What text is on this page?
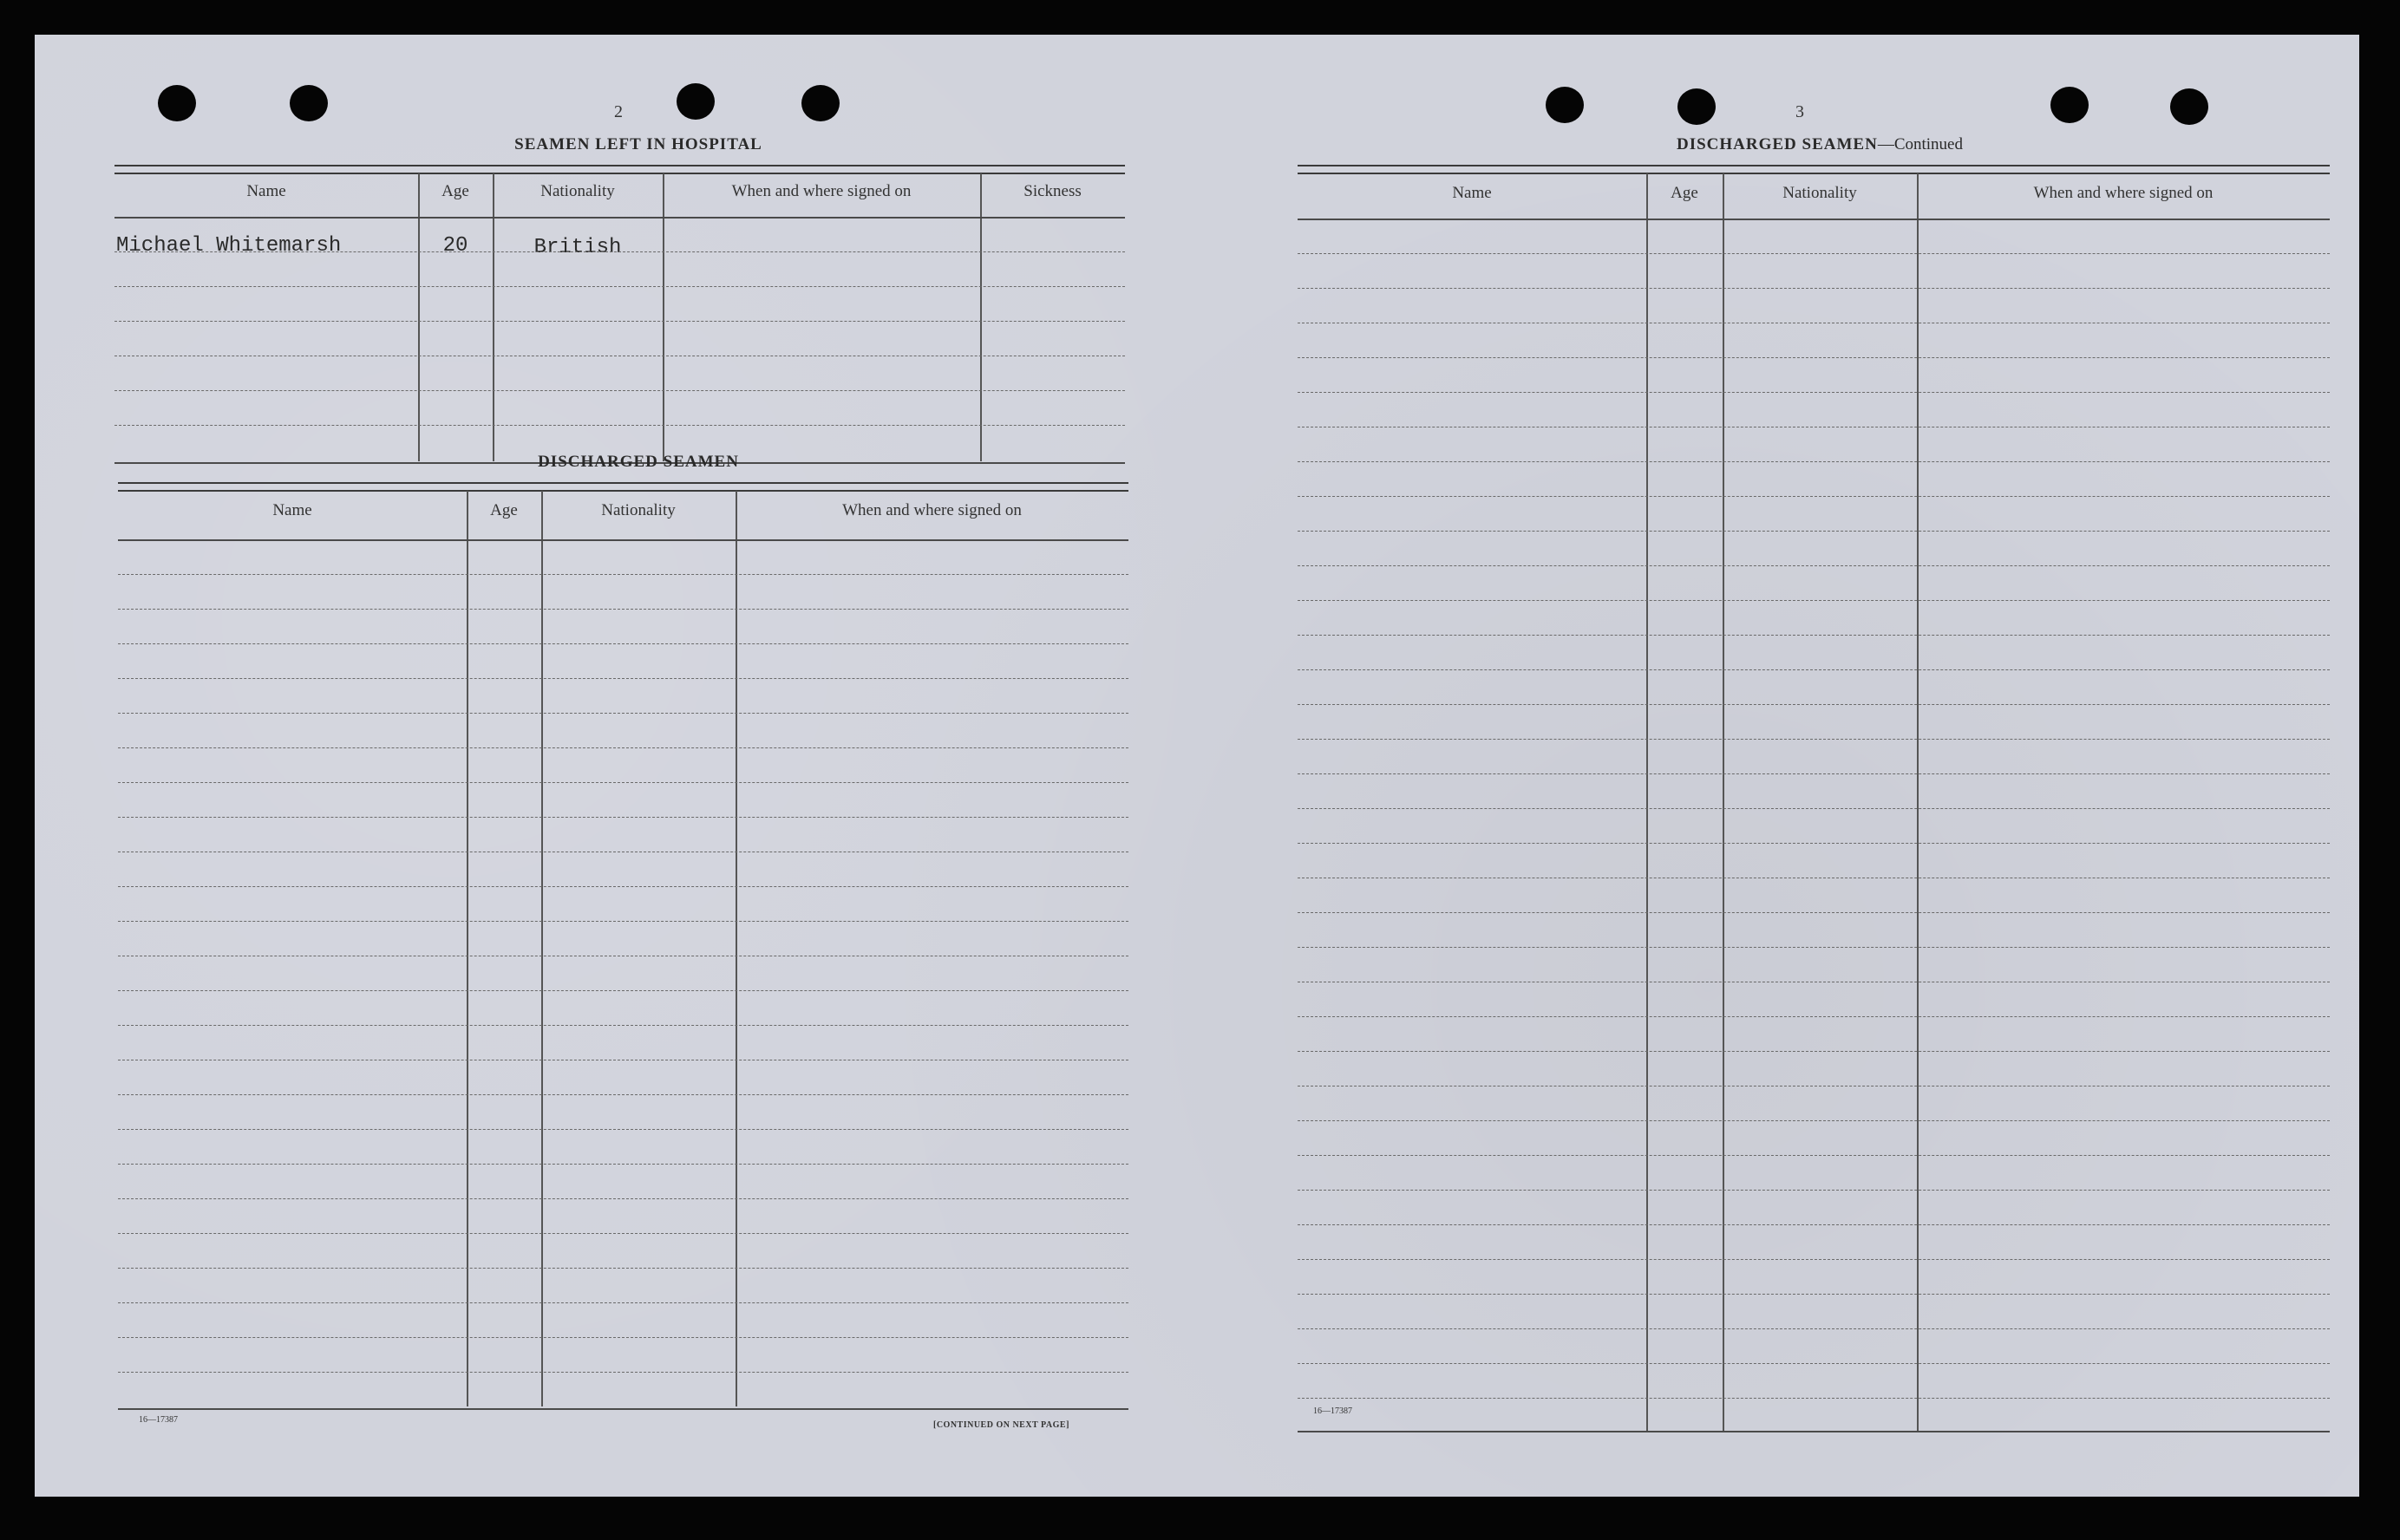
2
SEAMEN LEFT IN HOSPITAL
Name	Age	Nationality	When and where signed on	Sickness
Michael Whitemarsh	20	British
DISCHARGED SEAMEN
Name	Age	Nationality	When and where signed on
16—17387
[CONTINUED ON NEXT PAGE]
3
DISCHARGED SEAMEN—Continued
Name	Age	Nationality	When and where signed on
16—17387
